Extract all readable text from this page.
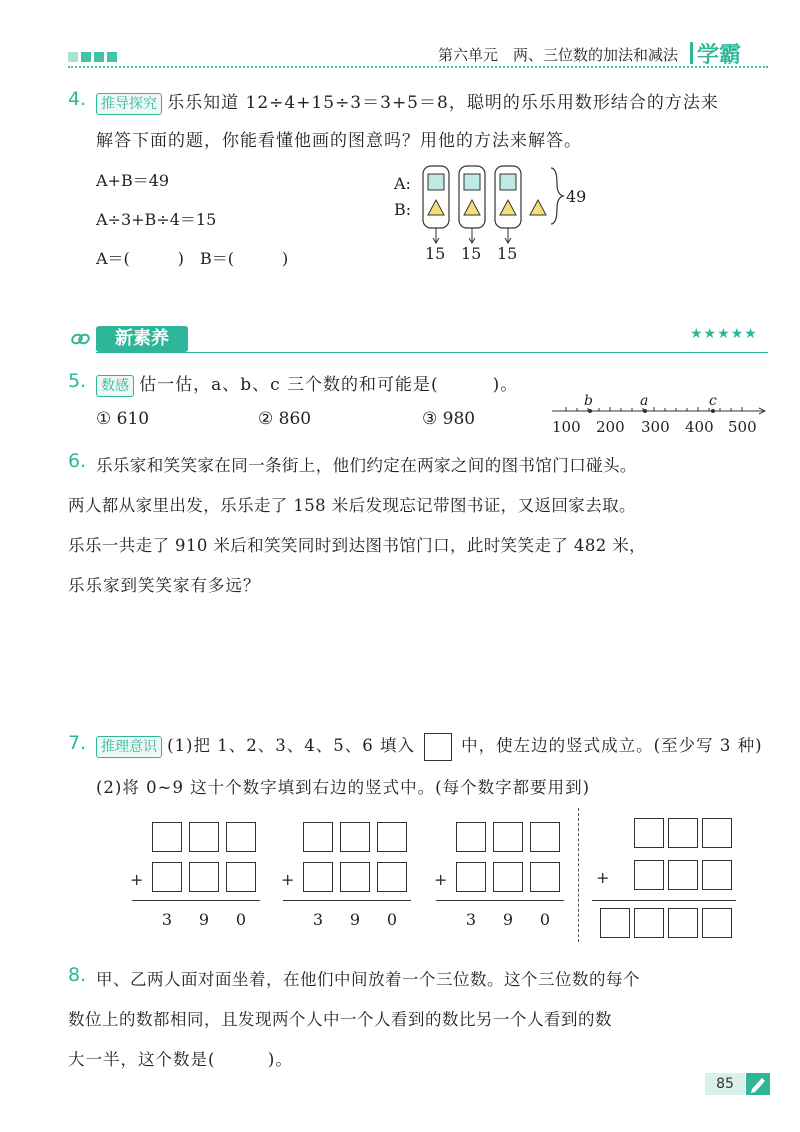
第六单元　两、三位数的加法和减法 学霸
4.	推导探究 乐乐知道 12÷4+15÷3＝3+5＝8，聪明的乐乐用数形结合的方法来
解答下面的题，你能看懂他画的图意吗？用他的方法来解答。
A+B＝49
A÷3+B÷4＝15
A＝(　　　)　B＝(　　　)
A:
B:
49
15 15 15
新素养	★★★★★
5.	数感 估一估，a、b、c 三个数的和可能是(　　　)。
① 610	② 860	③ 980
b	a	c
100 200 300 400 500
6. 乐乐家和笑笑家在同一条街上，他们约定在两家之间的图书馆门口碰头。
两人都从家里出发，乐乐走了 158 米后发现忘记带图书证，又返回家去取。
乐乐一共走了 910 米后和笑笑同时到达图书馆门口，此时笑笑走了 482 米，
乐乐家到笑笑家有多远？
7.	推理意识 (1)把 1、2、3、4、5、6 填入	中，使左边的竖式成立。(至少写 3 种)
(2)将 0~9 这十个数字填到右边的竖式中。(每个数字都要用到)
+
3	9	0
+
3	9	0
+
3	9	0
+
8. 甲、乙两人面对面坐着，在他们中间放着一个三位数。这个三位数的每个
数位上的数都相同，且发现两个人中一个人看到的数比另一个人看到的数
大一半，这个数是(　　　)。
85
